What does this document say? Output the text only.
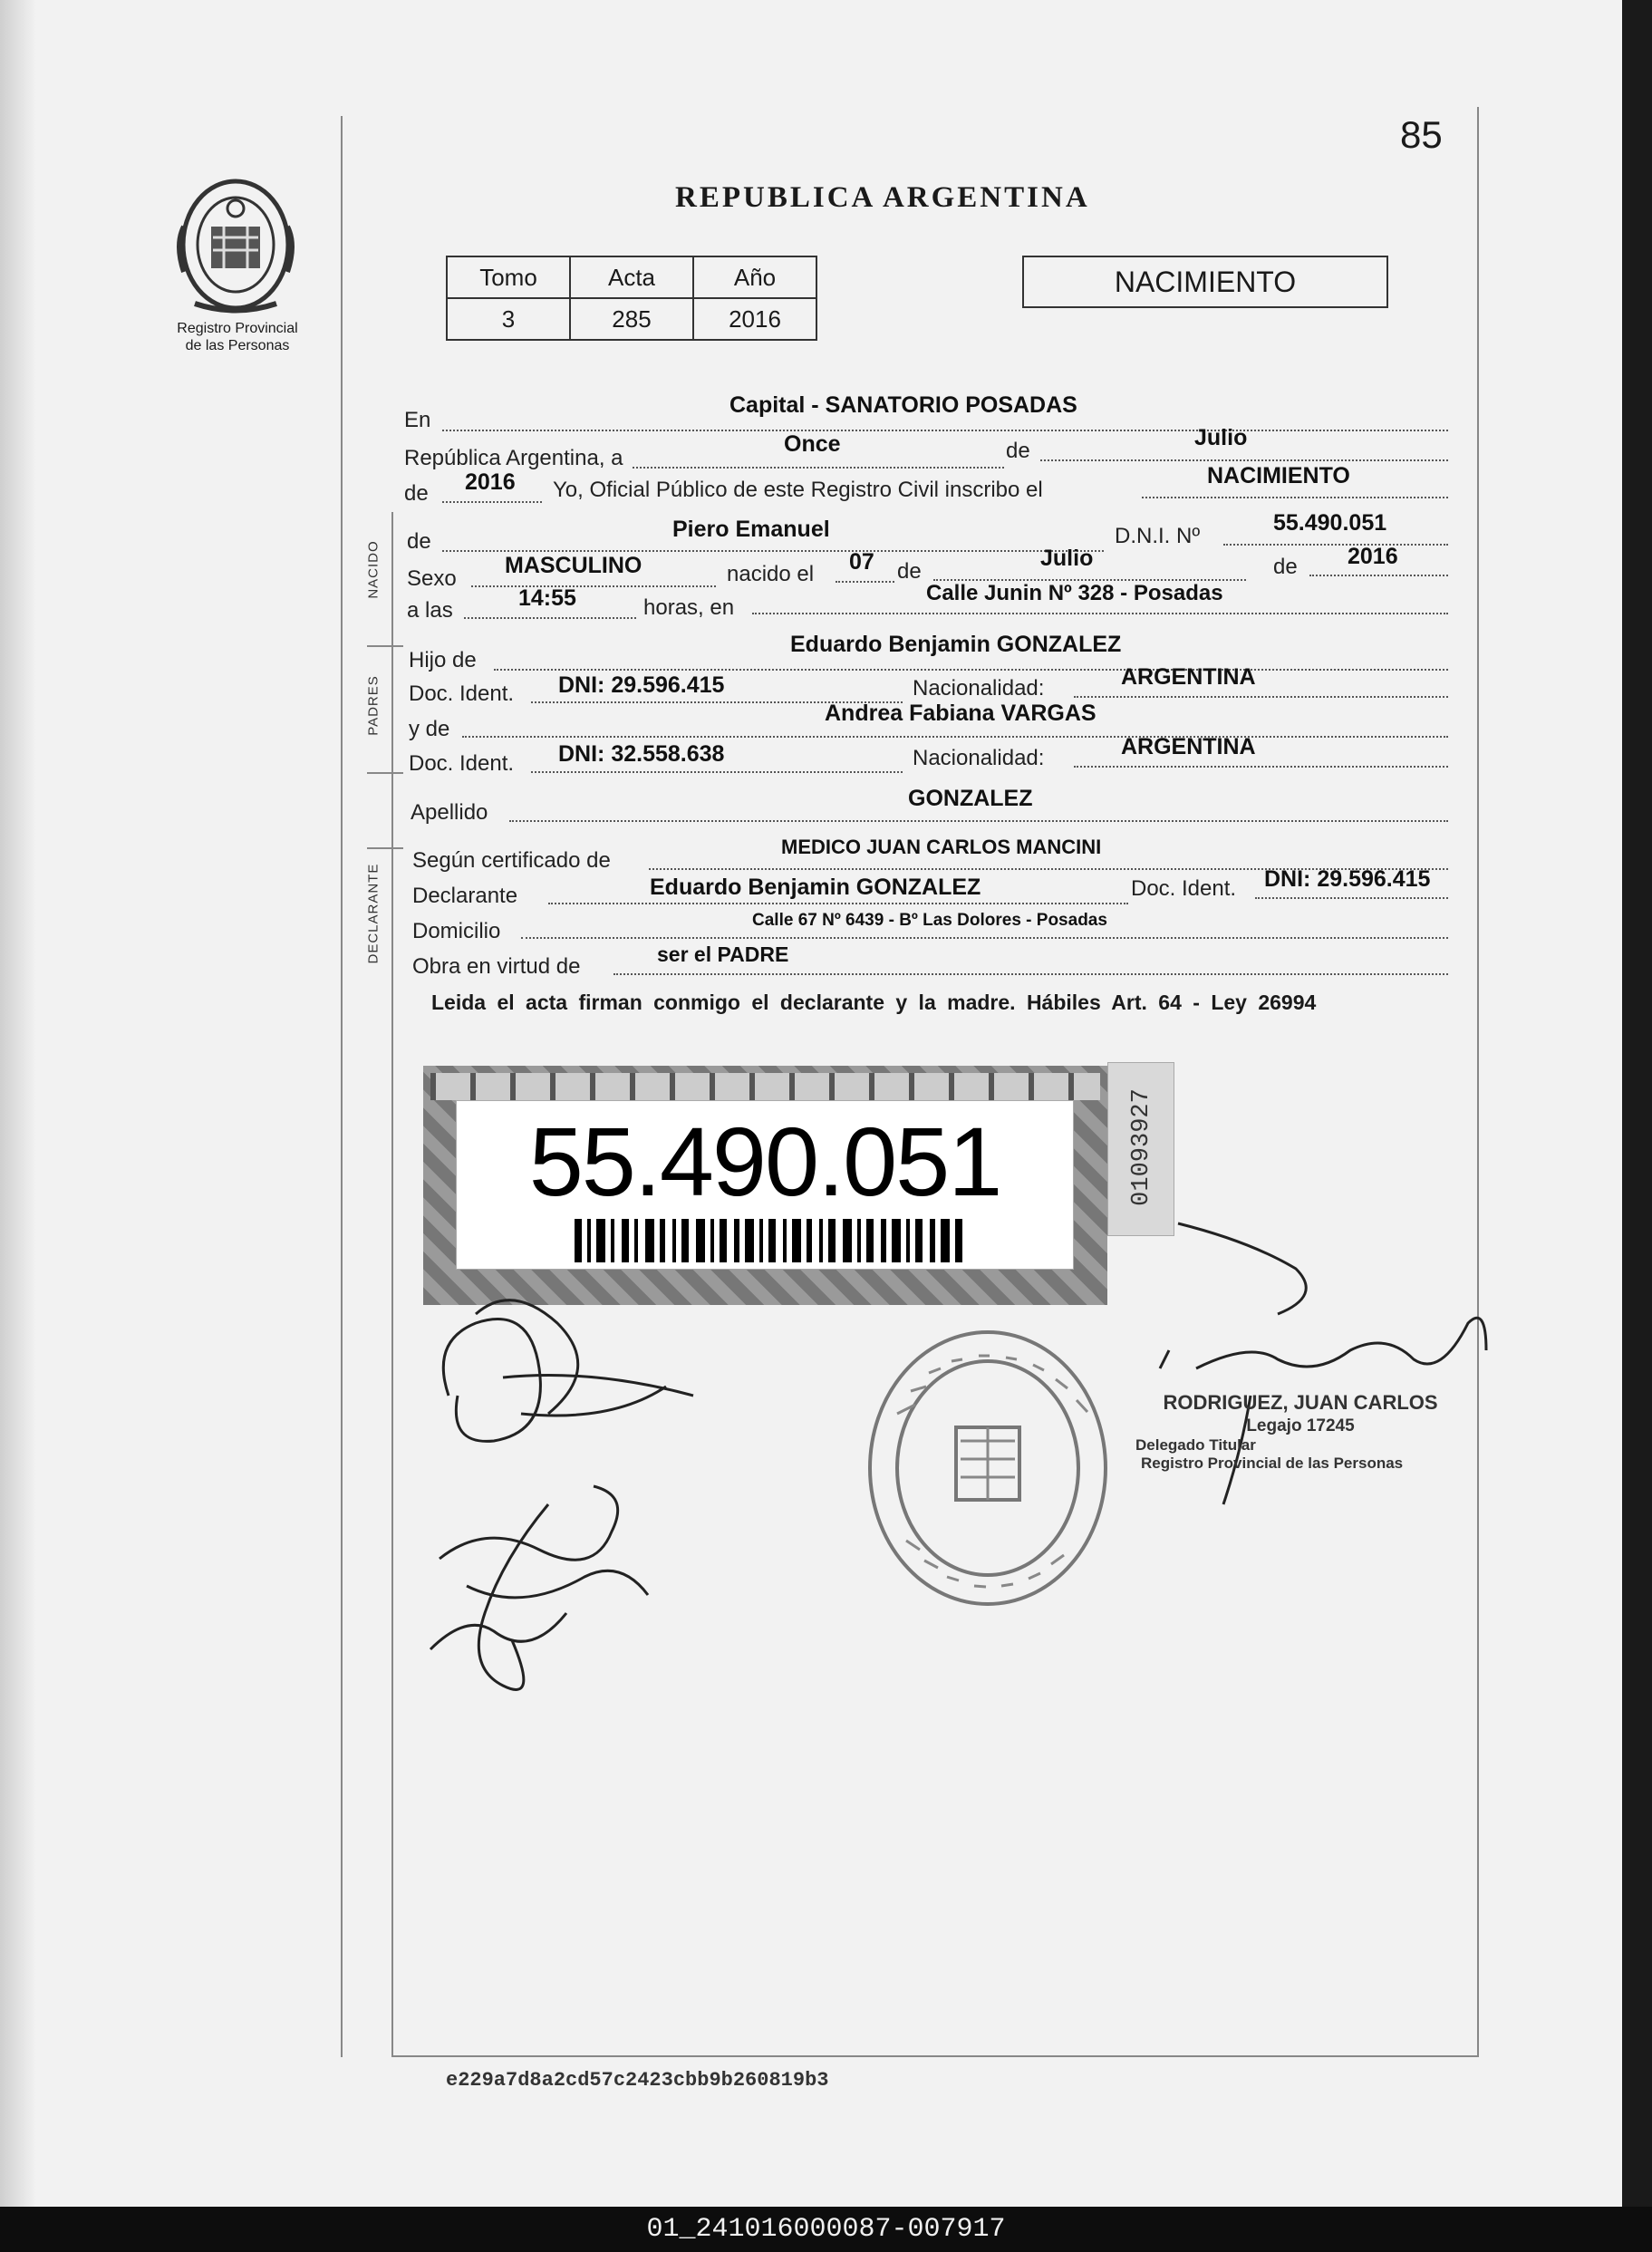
85
Registro Provincial
de las Personas
REPUBLICA ARGENTINA
Tomo	Acta	Año
3	285	2016
NACIMIENTO
NACIDO
PADRES
DECLARANTE
En
Capital - SANATORIO POSADAS
República Argentina, a
Once	de
Julio
de 2016 Yo, Oficial Público de este Registro Civil inscribo el
NACIMIENTO
de	Piero Emanuel	D.N.I. Nº
55.490.051
Sexo
MASCULINO	nacido el 07 de
Julio	de 2016
a las	14:55	horas, en
Calle Junin Nº 328 - Posadas
Hijo de
Eduardo Benjamin GONZALEZ
Doc. Ident. DNI: 29.596.415	Nacionalidad:	ARGENTINA
y de
Andrea Fabiana VARGAS
Doc. Ident. DNI: 32.558.638	Nacionalidad:	ARGENTINA
Apellido
GONZALEZ
Según certificado de
MEDICO JUAN CARLOS MANCINI
Declarante	Eduardo Benjamin GONZALEZ	Doc. Ident. DNI: 29.596.415
Domicilio	Calle 67 Nº 6439 - Bº Las Dolores - Posadas
Obra en virtud de	ser el PADRE
Leida el acta firman conmigo el declarante y la madre. Hábiles Art. 64 - Ley 26994
55.490.051	01093927
RODRIGUEZ, JUAN CARLOS
Legajo 17245
Delegado Titular
Registro Provincial de las Personas
e229a7d8a2cd57c2423cbb9b260819b3
01_241016000087-007917
